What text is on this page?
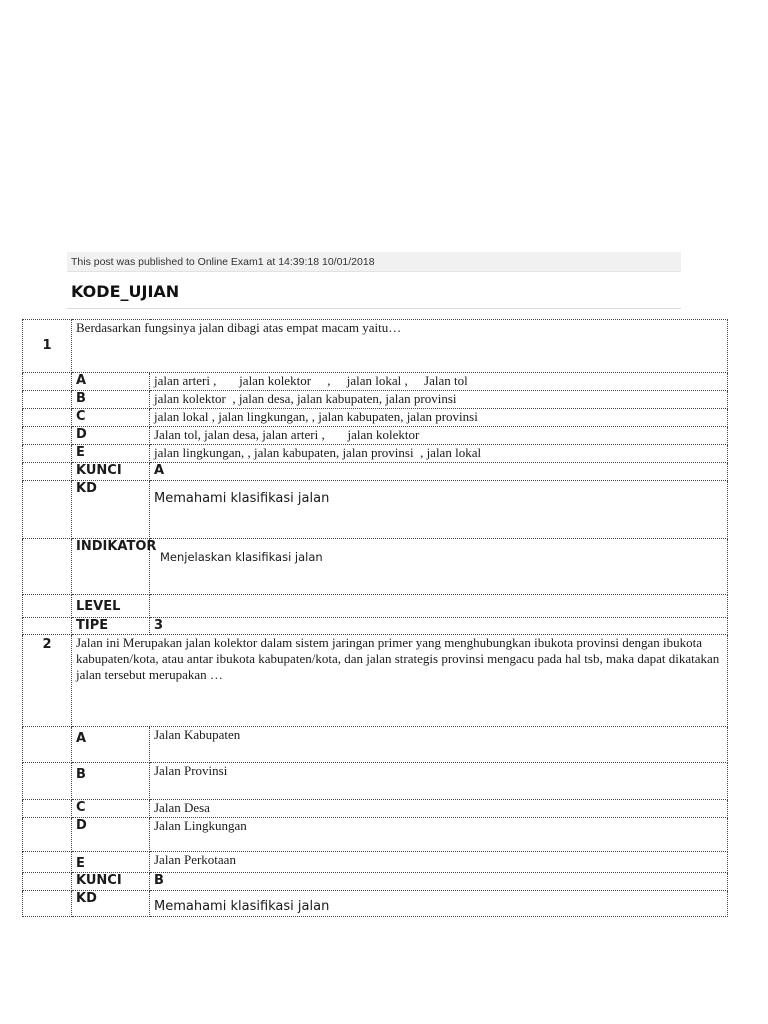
This post was published to Online Exam1 at 14:39:18 10/01/2018
KODE_UJIAN
1	Berdasarkan fungsinya jalan dibagi atas empat macam yaitu…	
	A	jalan arteri ,       jalan kolektor     ,     jalan lokal ,     Jalan tol
	B	jalan kolektor  , jalan desa, jalan kabupaten, jalan provinsi
	C	jalan lokal , jalan lingkungan, , jalan kabupaten, jalan provinsi
	D	Jalan tol, jalan desa, jalan arteri ,       jalan kolektor
	E	jalan lingkungan, , jalan kabupaten, jalan provinsi  , jalan lokal
	KUNCI	A
	KD	Memahami klasifikasi jalan

	INDIKATOR	Menjelaskan klasifikasi jalan

	LEVEL	
	TIPE	3
2	Jalan ini Merupakan jalan kolektor dalam sistem jaringan primer yang menghubungkan ibukota provinsi dengan ibukota kabupaten/kota, atau antar ibukota kabupaten/kota, dan jalan strategis provinsi mengacu pada hal tsb, maka dapat dikatakan jalan tersebut merupakan …	
	A	Jalan Kabupaten
	B	Jalan Provinsi
	C	Jalan Desa
	D	Jalan Lingkungan
	E	Jalan Perkotaan
	KUNCI	B
	KD	Memahami klasifikasi jalan
